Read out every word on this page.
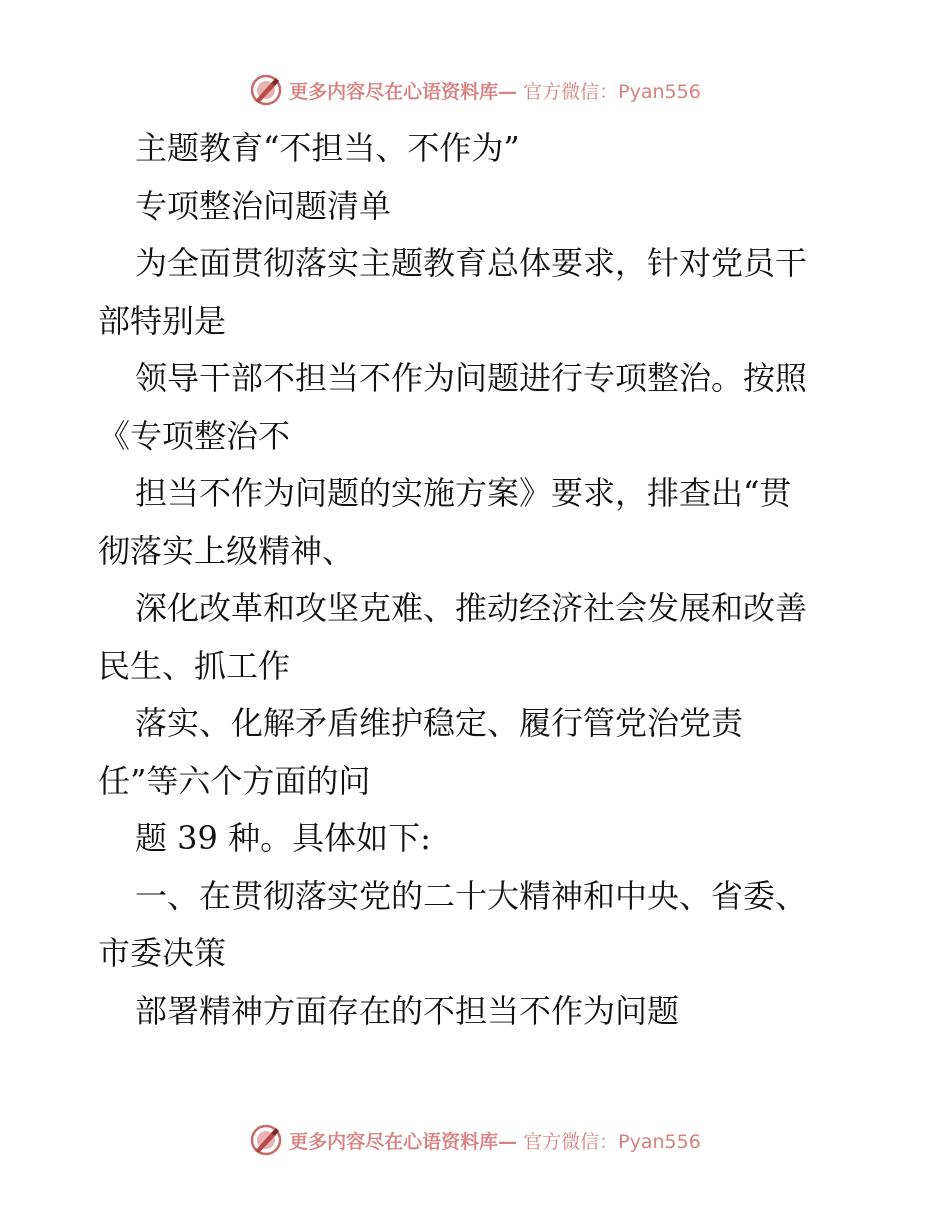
更多内容尽在心语资料库— 官方微信：Pyan556
主题教育“不担当、不作为”
专项整治问题清单
为全面贯彻落实主题教育总体要求，针对党员干
部特别是
领导干部不担当不作为问题进行专项整治。按照
《专项整治不
担当不作为问题的实施方案》要求，排查出“贯
彻落实上级精神、
深化改革和攻坚克难、推动经济社会发展和改善
民生、抓工作
落实、化解矛盾维护稳定、履行管党治党责
任”等六个方面的问
题 39 种。具体如下:
一、在贯彻落实党的二十大精神和中央、省委、
市委决策
部署精神方面存在的不担当不作为问题
更多内容尽在心语资料库— 官方微信：Pyan556
